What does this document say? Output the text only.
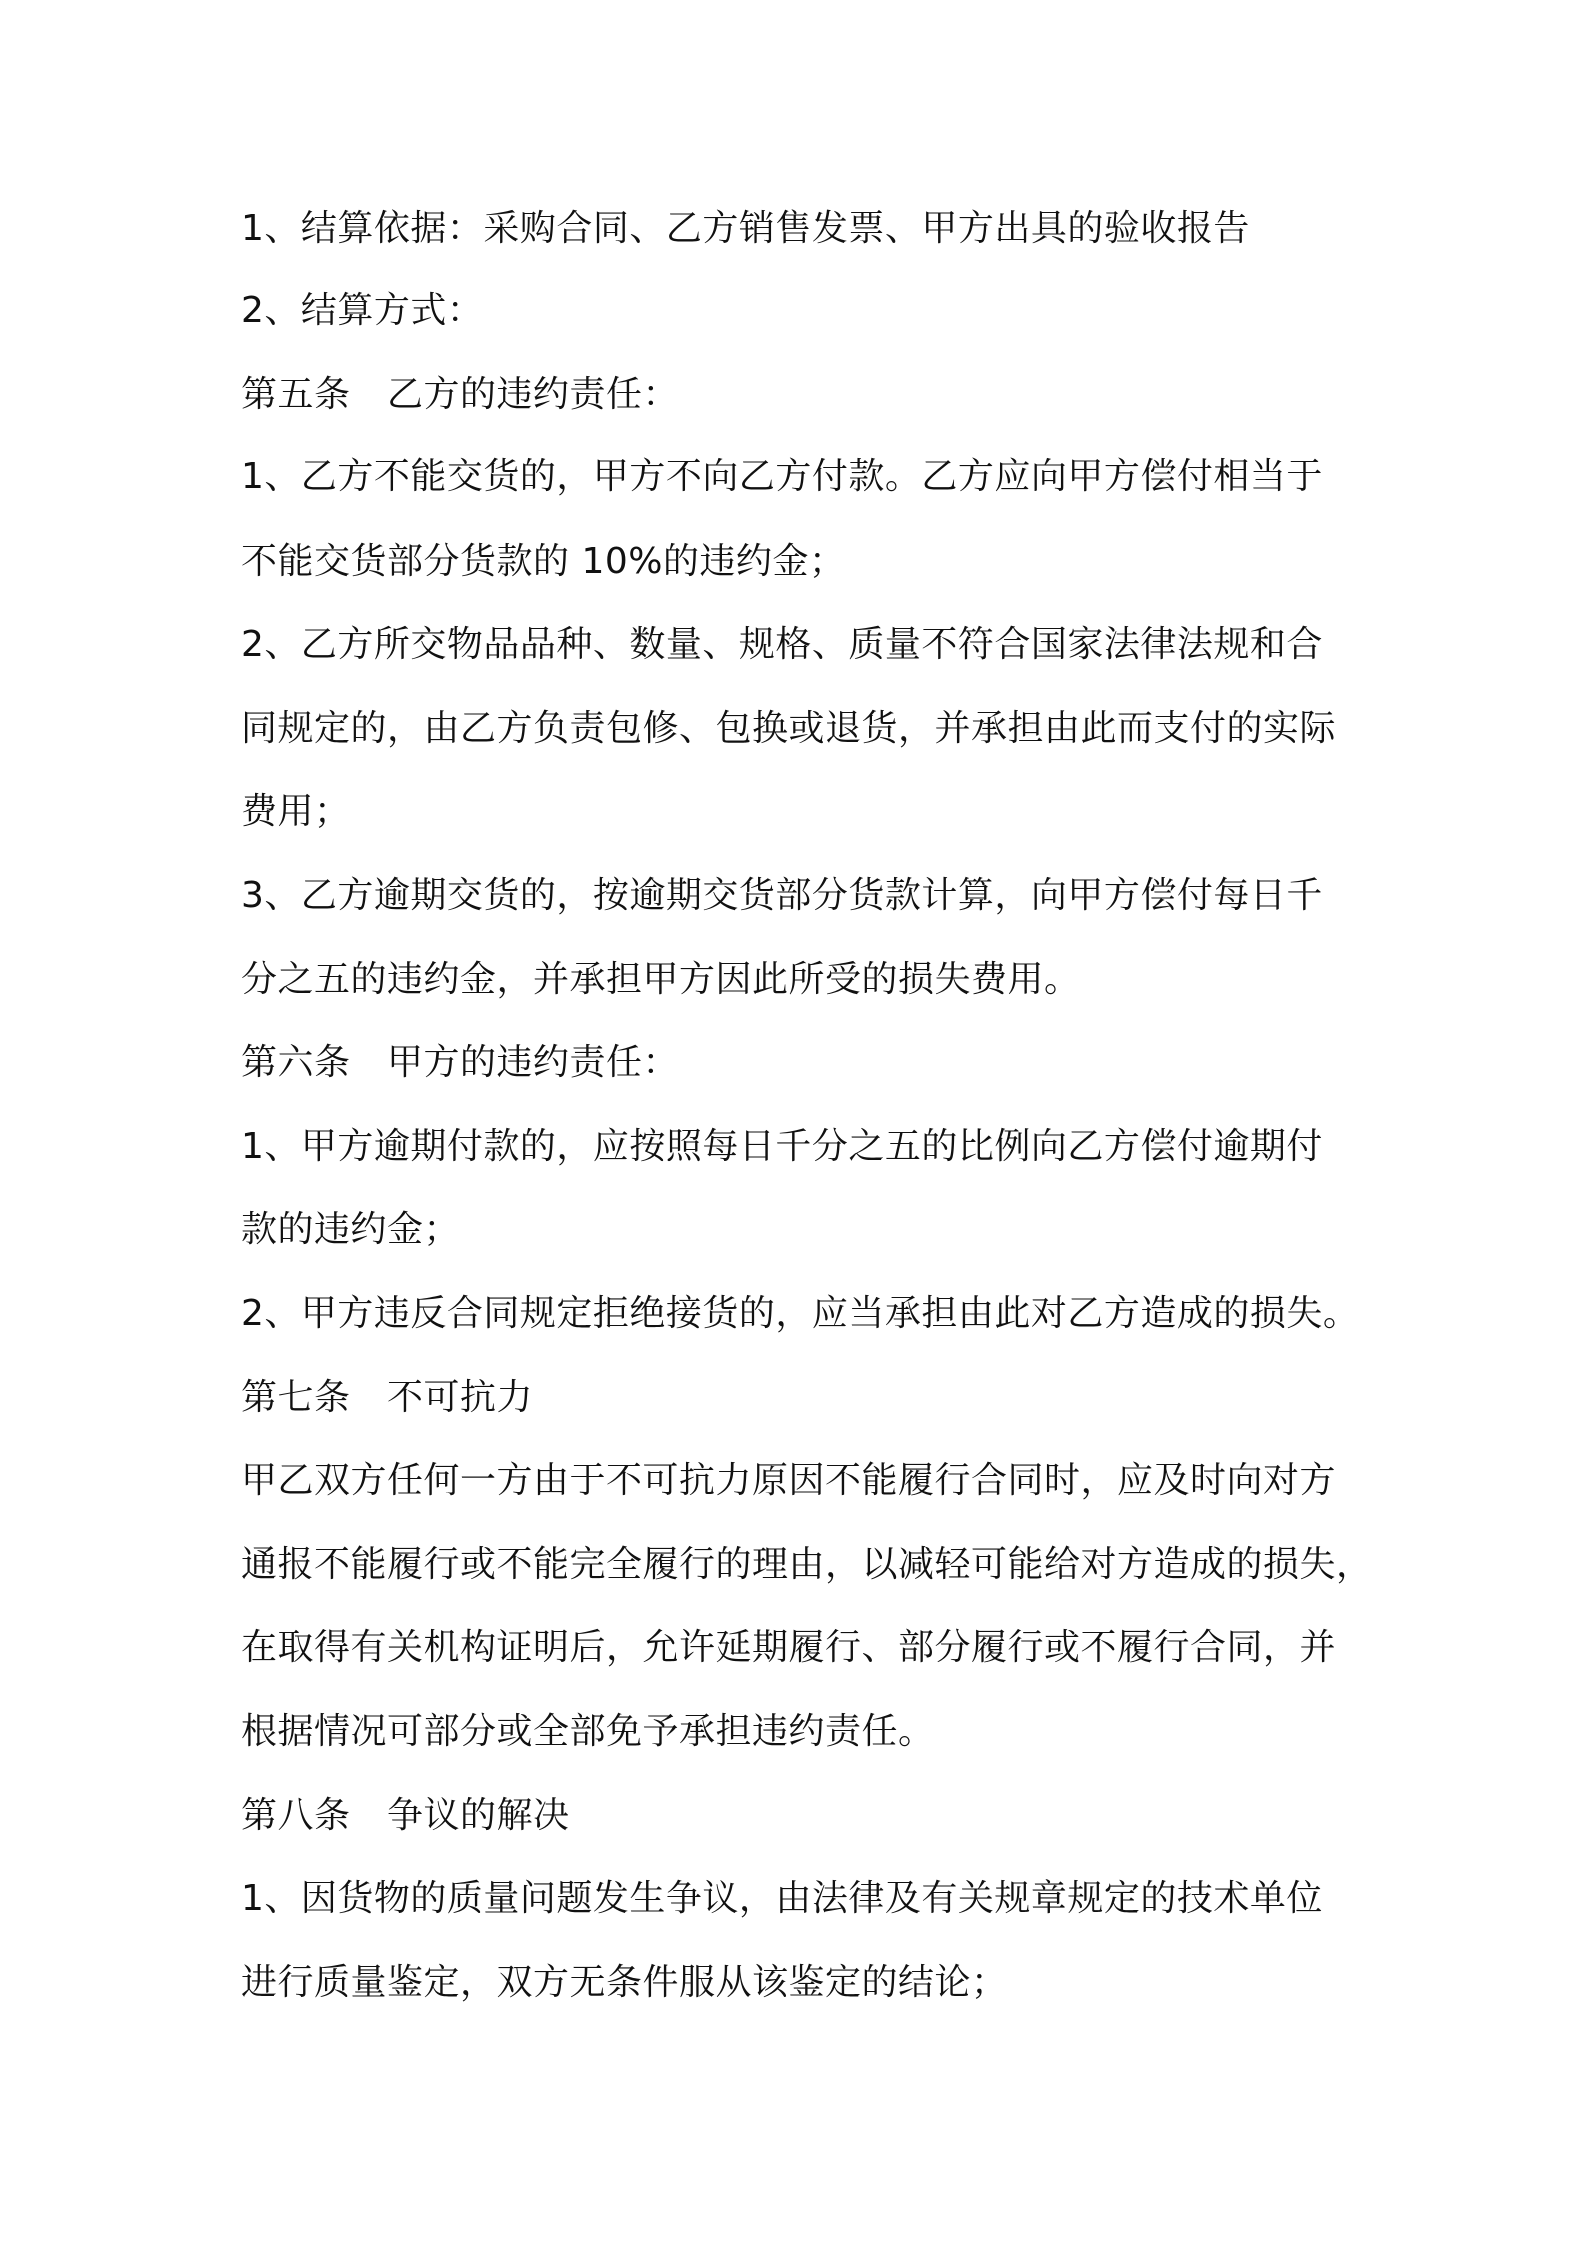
1、结算依据：采购合同、乙方销售发票、甲方出具的验收报告
2、结算方式：
第五条　乙方的违约责任：
1、乙方不能交货的，甲方不向乙方付款。乙方应向甲方偿付相当于
不能交货部分货款的 10%的违约金；
2、乙方所交物品品种、数量、规格、质量不符合国家法律法规和合
同规定的，由乙方负责包修、包换或退货，并承担由此而支付的实际
费用；
3、乙方逾期交货的，按逾期交货部分货款计算，向甲方偿付每日千
分之五的违约金，并承担甲方因此所受的损失费用。
第六条　甲方的违约责任：
1、甲方逾期付款的，应按照每日千分之五的比例向乙方偿付逾期付
款的违约金；
2、甲方违反合同规定拒绝接货的，应当承担由此对乙方造成的损失。
第七条　不可抗力
甲乙双方任何一方由于不可抗力原因不能履行合同时，应及时向对方
通报不能履行或不能完全履行的理由，以减轻可能给对方造成的损失，
在取得有关机构证明后，允许延期履行、部分履行或不履行合同，并
根据情况可部分或全部免予承担违约责任。
第八条　争议的解决
1、因货物的质量问题发生争议，由法律及有关规章规定的技术单位
进行质量鉴定，双方无条件服从该鉴定的结论；
